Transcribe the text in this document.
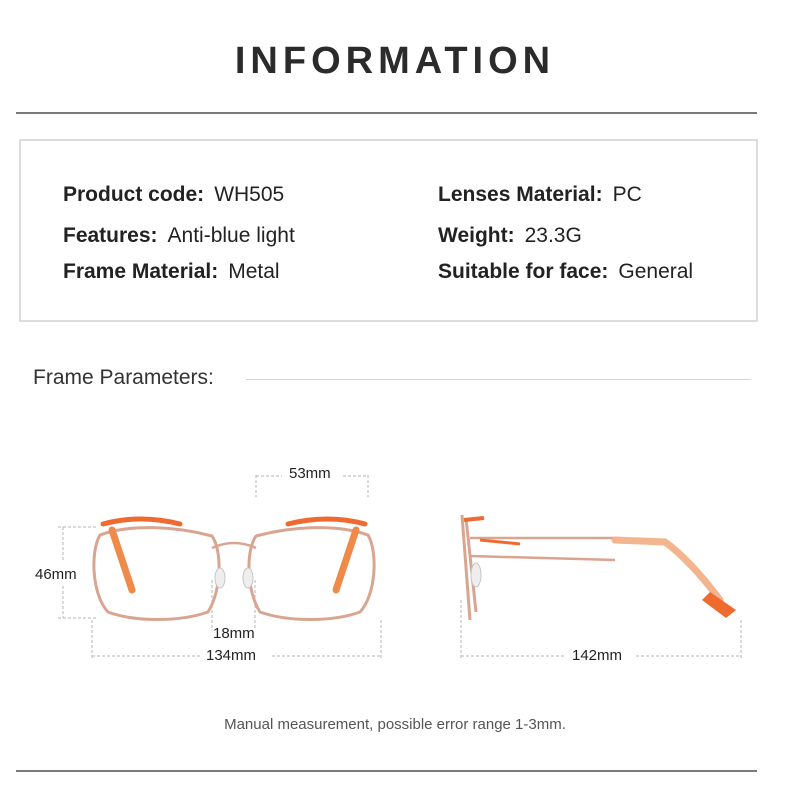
INFORMATION
Product code: WH505
Features: Anti-blue light
Frame Material: Metal
Lenses Material: PC
Weight: 23.3G
Suitable for face: General
Frame Parameters:
53mm
46mm
18mm
134mm	142mm
Manual measurement, possible error range 1-3mm.
